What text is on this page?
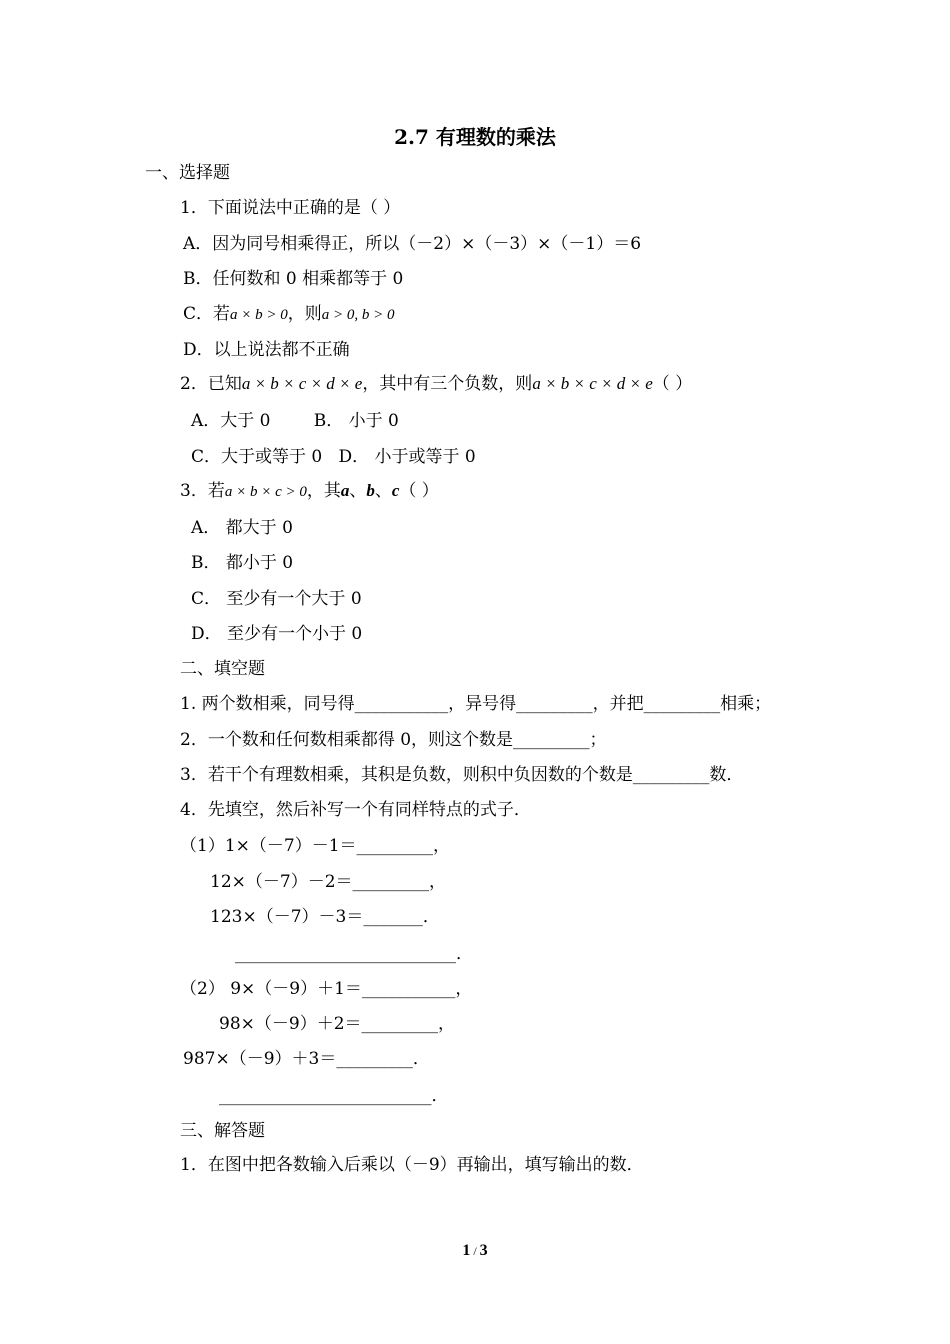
2.7 有理数的乘法
一、选择题
1．下面说法中正确的是（ ）
A．因为同号相乘得正，所以（－2）×（－3）×（－1）＝6
B．任何数和 0 相乘都等于 0
C．若a × b > 0，则a > 0, b > 0
D．以上说法都不正确
2．已知a × b × c × d × e，其中有三个负数，则a × b × c × d × e（ ）
A．大于 0        B． 小于 0
C．大于或等于 0   D． 小于或等于 0
3．若a × b × c > 0，其a、b、c（ ）
A． 都大于 0
B． 都小于 0
C． 至少有一个大于 0
D． 至少有一个小于 0
二、填空题
1. 两个数相乘，同号得___________，异号得_________，并把_________相乘；
2．一个数和任何数相乘都得 0，则这个数是_________；
3．若干个有理数相乘，其积是负数，则积中负因数的个数是_________数．
4．先填空，然后补写一个有同样特点的式子．
（1）1×（－7）－1＝_________，
12×（－7）－2＝_________，
123×（－7）－3＝_______．
__________________________．
（2） 9×（－9）＋1＝___________，
98×（－9）＋2＝_________，
987×（－9）＋3＝_________．
_________________________．
三、解答题
1．在图中把各数输入后乘以（－9）再输出，填写输出的数．
1 / 3
